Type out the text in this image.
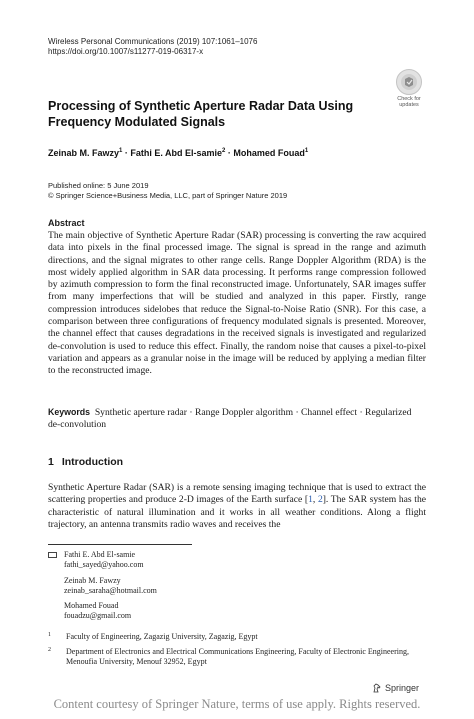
Wireless Personal Communications (2019) 107:1061–1076
https://doi.org/10.1007/s11277-019-06317-x
Check for
updates
Processing of Synthetic Aperture Radar Data Using Frequency Modulated Signals
Zeinab M. Fawzy$^1$ · Fathi E. Abd El‑samie$^2$ · Mohamed Fouad$^1$
Published online: 5 June 2019
© Springer Science+Business Media, LLC, part of Springer Nature 2019
Abstract
The main objective of Synthetic Aperture Radar (SAR) processing is converting the raw acquired data into pixels in the final processed image. The signal is spread in the range and azimuth directions, and the signal migrates to other range cells. Range Doppler Algorithm (RDA) is the most widely applied algorithm in SAR data processing. It performs range compression followed by azimuth compression to form the final reconstructed image. Unfortunately, SAR images suffer from many imperfections that will be studied and analyzed in this paper. Firstly, range compression introduces sidelobes that reduce the Signal-to-Noise Ratio (SNR). For this case, a comparison between three configurations of frequency modulated signals is presented. Moreover, the channel effect that causes degradations in the received signals is investigated and regularized de-convolution is used to reduce this effect. Finally, the random noise that causes a pixel-to-pixel variation and appears as a granular noise in the image will be reduced by applying a median filter to the reconstructed image.
Keywords Synthetic aperture radar · Range Doppler algorithm · Channel effect · Regularized de-convolution
1 Introduction
Synthetic Aperture Radar (SAR) is a remote sensing imaging technique that is used to extract the scattering properties and produce 2-D images of the Earth surface [1, 2]. The SAR system has the characteristic of natural illumination and it works in all weather conditions. Along a flight trajectory, an antenna transmits radio waves and receives the
Fathi E. Abd El‑samie
fathi_sayed@yahoo.com
Zeinab M. Fawzy
zeinab_saraha@hotmail.com
Mohamed Fouad
fouadzu@gmail.com
1 Faculty of Engineering, Zagazig University, Zagazig, Egypt
2 Department of Electronics and Electrical Communications Engineering, Faculty of Electronic Engineering, Menoufia University, Menouf 32952, Egypt
Springer
Content courtesy of Springer Nature, terms of use apply. Rights reserved.
